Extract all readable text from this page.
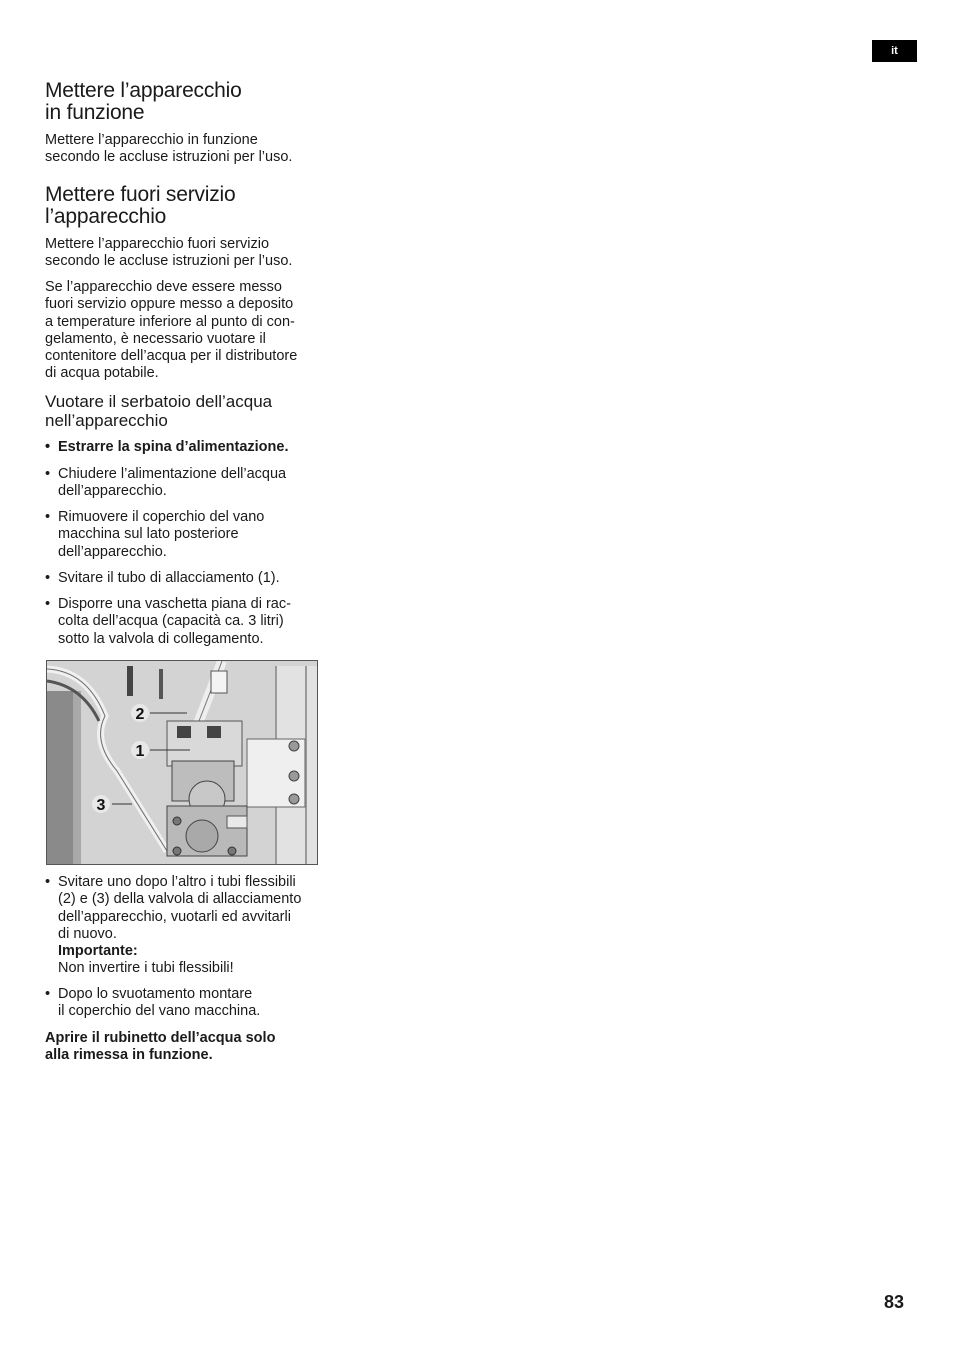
it
Mettere l’apparecchio
in funzione
Mettere l’apparecchio in funzione
secondo le accluse istruzioni per l’uso.
Mettere fuori servizio
l’apparecchio
Mettere l’apparecchio fuori servizio
secondo le accluse istruzioni per l’uso.
Se l’apparecchio deve essere messo
fuori servizio oppure messo a deposito
a temperature inferiore al punto di con-
gelamento, è necessario vuotare il
contenitore dell’acqua per il distributore
di acqua potabile.
Vuotare il serbatoio dell’acqua
nell’apparecchio
• Estrarre la spina d’alimentazione.
• Chiudere l’alimentazione dell’acqua
dell’apparecchio.
• Rimuovere il coperchio del vano
macchina sul lato posteriore
dell’apparecchio.
• Svitare il tubo di allacciamento (1).
• Disporre una vaschetta piana di rac-
colta dell’acqua (capacità ca. 3 litri)
sotto la valvola di collegamento.
• Svitare uno dopo l’altro i tubi flessibili
(2) e (3) della valvola di allacciamento
dell’apparecchio, vuotarli ed avvitarli
di nuovo.
Importante:
Non invertire i tubi flessibili!
• Dopo lo svuotamento montare
il coperchio del vano macchina.
Aprire il rubinetto dell’acqua solo
alla rimessa in funzione.
2
1
3
83
